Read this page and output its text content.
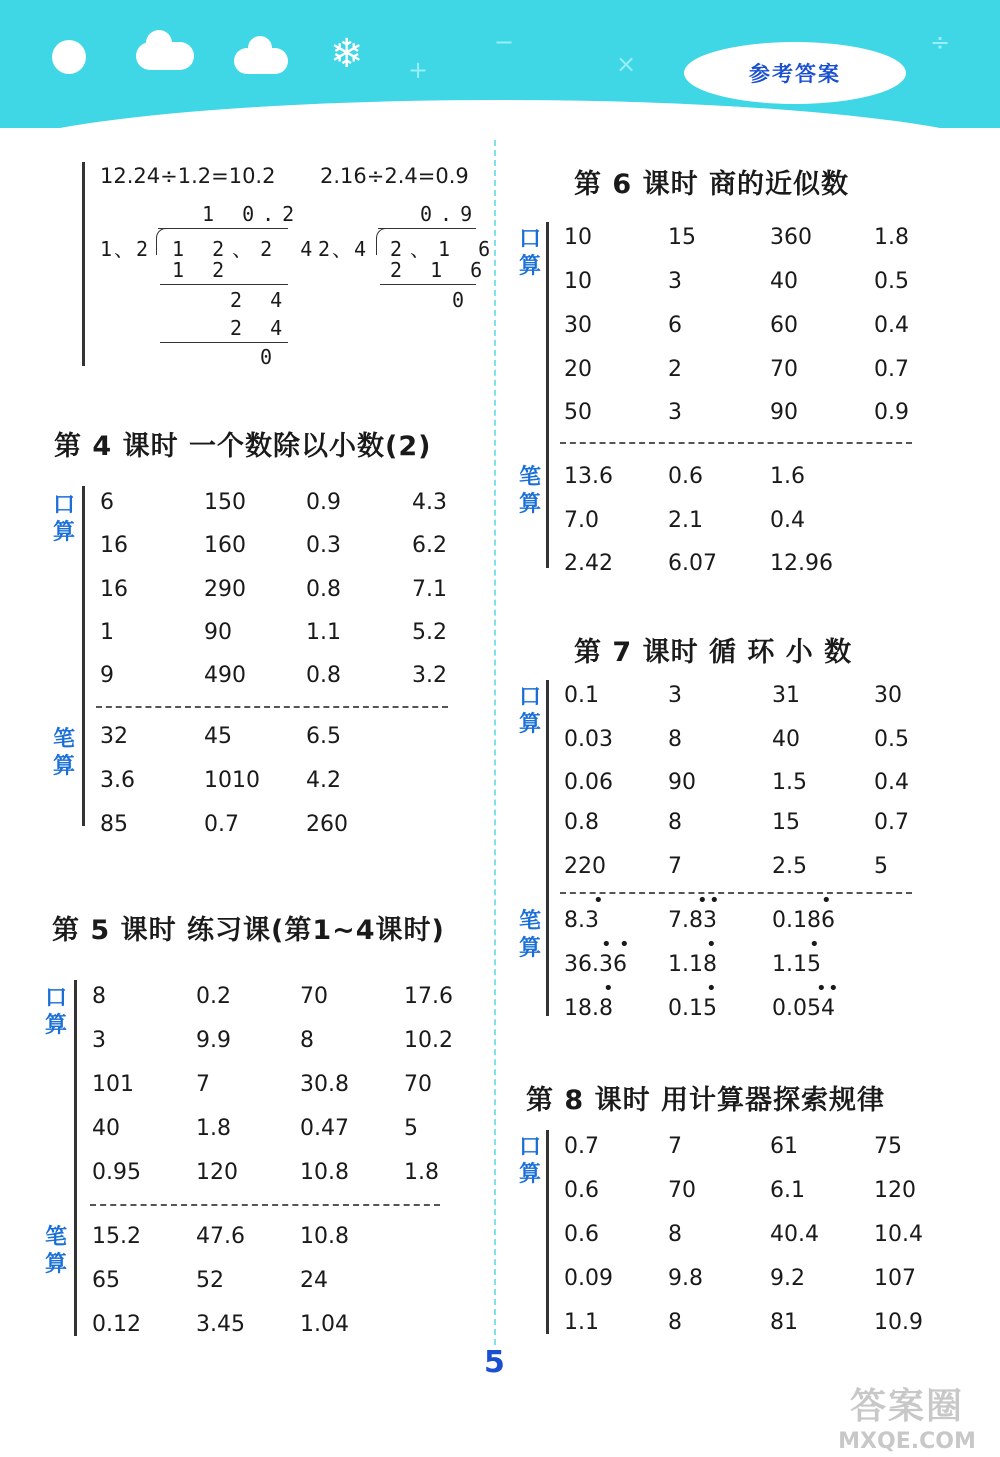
❄ +
−
×
÷
参考答案
12.24÷1.2=10.2 2.16÷2.4=0.9
1 0.2
1、2 1 2、2 4
1 2
2 4
2 4
0
0.9
2、4 2、1 6
2 1 6
0
第 4 课时 一个数除以小数(2)
口算
笔算
6	150	0.9	4.3
16	160	0.3	6.2
16	290	0.8	7.1
1	90	1.1	5.2
9	490	0.8	3.2
32	45	6.5
3.6	1010 4.2
85	0.7	260
第 5 课时 练习课(第1~4课时)
口算
笔算
8	0.2	70	17.6
3	9.9	8	10.2
101	7	30.8	70
40	1.8	0.47	5
0.95	120	10.8	1.8
15.2	47.6	10.8
65	52	24
0.12	3.45	1.04
第 6 课时 商的近似数
口算
笔算
10	15	360	1.8
10	3	40	0.5
30	6	60	0.4
20	2	70	0.7
50	3	90	0.9
13.6	0.6	1.6
7.0	2.1	0.4
2.42	6.07 12.96
第 7 课时 循 环 小 数
口算
笔算
0.1	3	31	30
0.03	8	40	0.5
0.06	90	1.5	0.4
0.8	8	15	0.7
220	7	2.5	5
•	• •	•
• •	•	•
•	•	• •
8.3	7.83	0.186
36.36 1.18	1.15
18.8	0.15	0.054
第 8 课时 用计算器探索规律
口算
0.7	7	61	75
0.6	70	6.1	120
0.6	8	40.4	10.4
0.09	9.8	9.2	107
1.1	8	81	10.9
5
答案圈
MXQE.COM
